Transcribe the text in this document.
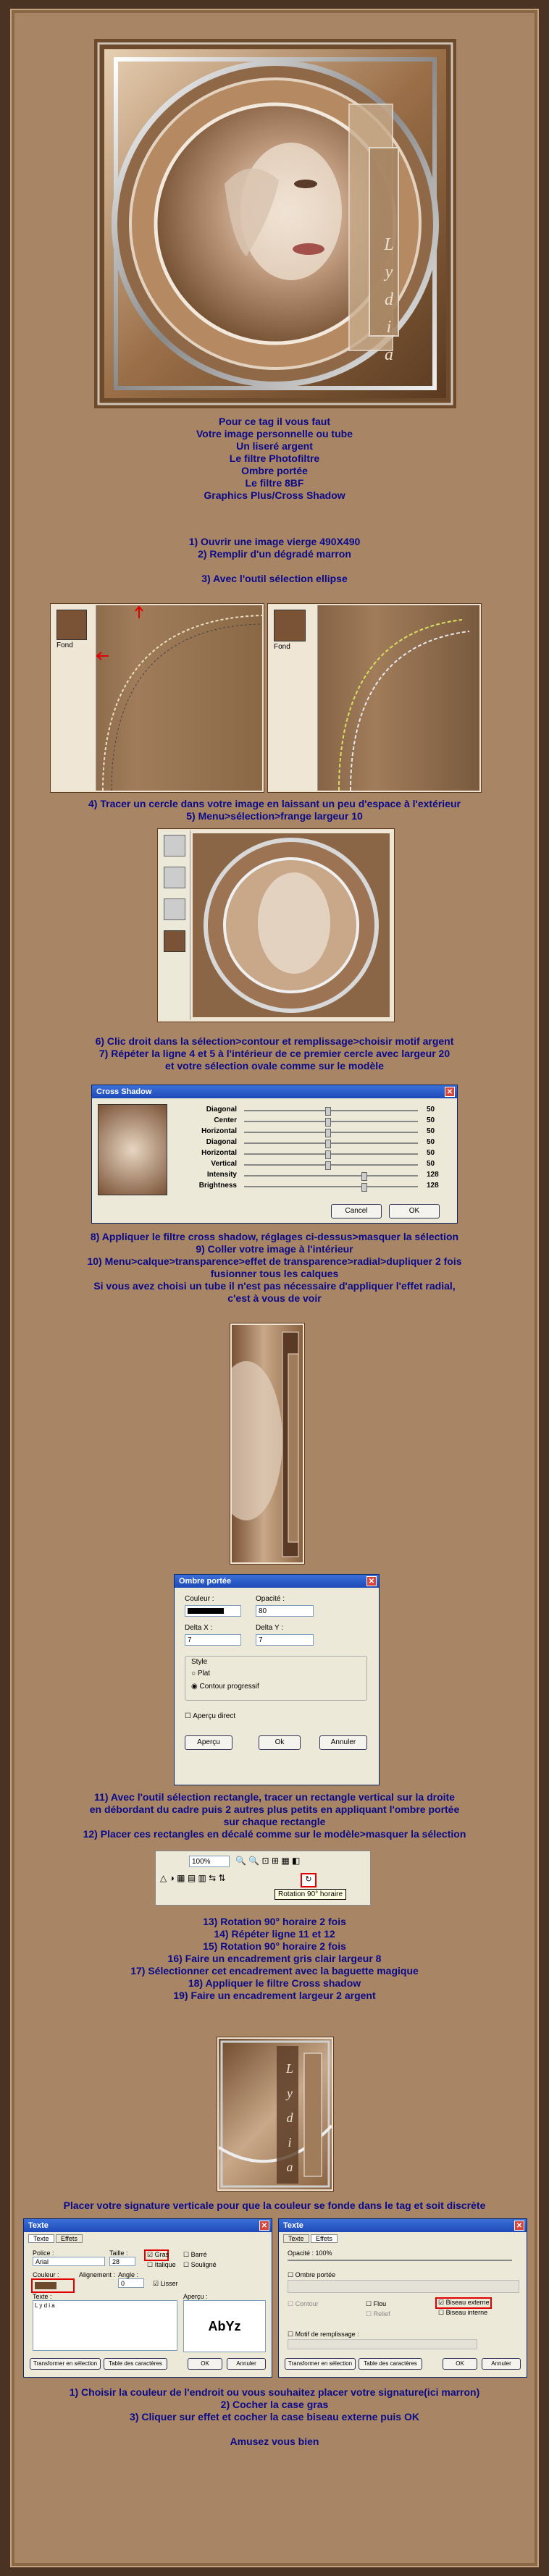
L
y
d
i
a
Pour ce tag il vous faut
Votre image personnelle ou tube
Un liseré argent
Le filtre Photofiltre
Ombre portée
Le filtre 8BF
Graphics Plus/Cross Shadow
1) Ouvrir une image vierge 490X490
2) Remplir d'un dégradé marron
3) Avec l'outil sélection ellipse
Fond	Fond
4) Tracer un cercle dans votre image en laissant un peu d'espace à l'extérieur
5) Menu>sélection>frange largeur 10
6) Clic droit dans la sélection>contour et remplissage>choisir motif argent
7) Répéter la ligne 4 et 5 à l'intérieur de ce premier cercle avec largeur 20
et votre sélection ovale comme sur le modèle
Cross Shadow	✕
Diagonal	50
Center	50
Horizontal	50
Diagonal	50
Horizontal	50
Vertical	50
Intensity	128
Brightness	128
Cancel	OK
8) Appliquer le filtre cross shadow, réglages ci-dessus>masquer la sélection
9) Coller votre image à l'intérieur
10) Menu>calque>transparence>effet de transparence>radial>dupliquer 2 fois
fusionner tous les calques
Si vous avez choisi un tube il n'est pas nécessaire d'appliquer l'effet radial,
c'est à vous de voir
Ombre portée	✕
Couleur :	Opacité :
80
Delta X :
7
Delta Y :
7
Style
○ Plat
◉ Contour progressif
☐ Aperçu direct
Aperçu	Ok	Annuler
11) Avec l'outil sélection rectangle, tracer un rectangle vertical sur la droite
en débordant du cadre puis 2 autres plus petits en appliquant l'ombre portée
sur chaque rectangle
12) Placer ces rectangles en décalé comme sur le modèle>masquer la sélection
100%	🔍 🔍 ⊡ ⊞ ▦ ◧
△ ◑ ▦ ▤ ▥ ⇆ ⇅	↻
Rotation 90° horaire
13) Rotation 90° horaire 2 fois
14) Répéter ligne 11 et 12
15) Rotation 90° horaire 2 fois
16) Faire un encadrement gris clair largeur 8
17) Sélectionner cet encadrement avec la baguette magique
18) Appliquer le filtre Cross shadow
19) Faire un encadrement largeur 2 argent
L
y
d
i
a
Placer votre signature verticale pour que la couleur se fonde dans le tag et soit discrète
Texte	✕
Texte Effets
Police :
Arial
Taille :
28
☑ Gras
☐ Italique
☐ Barré
☐ Souligné
Couleur :	Alignement : Angle :
0	☑ Lisser
Texte :
L y d i a
Aperçu :
AbYz
Transformer en sélection	Table des caractères	OK	Annuler
Texte	✕
Texte Effets
Opacité : 100%
☐ Ombre portée
☐ Contour	☐ Flou	☑ Biseau externe
☐ Biseau interne
☐ Relief
☐ Motif de remplissage :
Transformer en sélection	Table des caractères	OK	Annuler
1) Choisir la couleur de l'endroit ou vous souhaitez placer votre signature(ici marron)
2) Cocher la case gras
3) Cliquer sur effet et cocher la case biseau externe puis OK
Amusez vous bien
